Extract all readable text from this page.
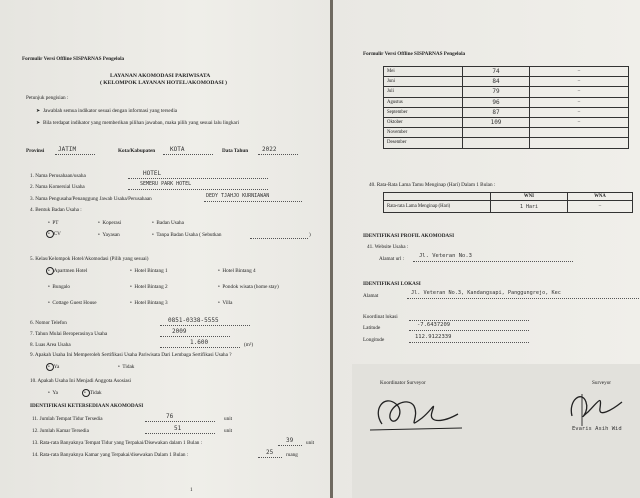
Formulir Versi Offline SISPARNAS Pengelola
LAYANAN AKOMODASI PARIWISATA
( KELOMPOK LAYANAN HOTEL/AKOMODASI )
Petunjuk pengisian :
➤  Jawablah semua indikator sesuai dengan informasi yang tersedia
➤  Bila terdapat indikator yang memberikan pilihan jawaban, maka pilih yang sesuai lalu lingkari
Provinsi JATIM	Kota/Kabupaten KOTA	Data Tahun 2022
1. Nama Perusahaan/usaha	HOTEL
2. Nama Komersial Usaha	SEMERU PARK HOTEL
3. Nama Pengusaha/Penanggung Jawab Usaha/Perusahaan	DEDY TJAHJO KURNIAWAN
4. Bentuk Badan Usaha :
•  PT	•  Koperasi	•  Badan Usaha
•   CV	•  Yayasan	•  Tanpa Badan Usaha ( Sebutkan	)
5. Kelas/Kelompok Hotel/Akomodasi (Pilih yang sesuai)
•   Apartmen Hotel	•  Hotel Bintang 1	•  Hotel Bintang 4
•  Bungalo	•  Hotel Bintang 2	•  Pondok wisata (home stay)
•  Cottage Guest House	•  Hotel Bintang 3	•  Villa
6. Nomor Telefon	0851-0338-5555
7. Tahun Mulai Beroperasinya Usaha	2009
8. Luas Area Usaha	1.600	(m²)
9. Apakah Usaha Ini Memperoleh Sertifikasi Usaha Pariwisata Dari Lembaga Sertifikasi Usaha ?
•   Ya	•  Tidak
10. Apakah Usaha Ini Menjadi Anggota Asosiasi
•  Ya	•   Tidak
IDENTIFIKASI KETERSEDIAAN AKOMODASI
11. Jumlah Tempat Tidur Tersedia	76	unit
12. Jumlah Kamar Tersedia	51	unit
13. Rata-rata Banyaknya Tempat Tidur yang Terpakai/Disewakan dalam 1 Bulan :	39 unit
14. Rata-rata Banyaknya Kamar yang Terpakai/disewakan Dalam 1 Bulan :	25 ruang
1
Formulir Versi Offline SISPARNAS Pengelola
Mei	74	–
Juni	84	–
Juli	79	–
Agustus	96	–
September	87	–
Oktober	109	–
November		
Desember		
40. Rata-Rata Lama Tamu Menginap (Hari) Dalam 1 Bulan :
	WNI	WNA
Rata-rata Lama Menginap (Hari)	1 Hari	–
IDENTIFIKASI PROFIL AKOMODASI
41. Website Usaha :
Alamat url :	Jl. Veteran No.3
IDENTIFIKASI LOKASI
Alamat	Jl. Veteran No.3, Kandangsapi, Panggungrejo, Kec
Koordinat lokasi
Latitude	-7.6437209
Longitude	112.9122339
Koordinator Surveyor	Surveyor
Evaris Asih Wid
